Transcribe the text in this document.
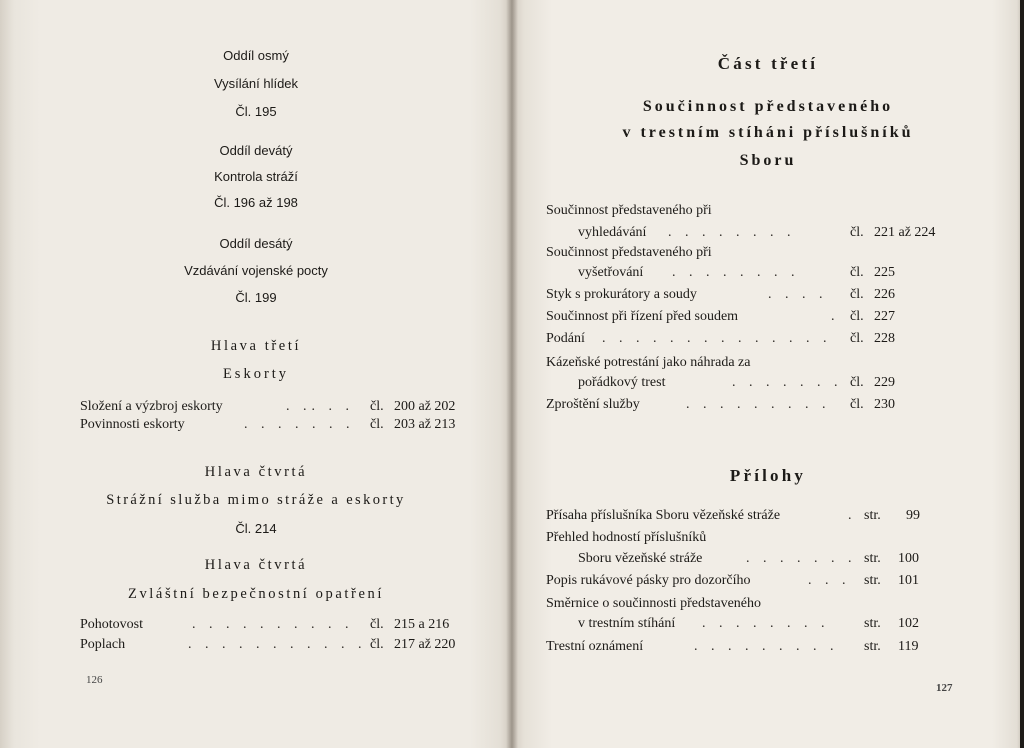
Oddíl osmý
Vysílání hlídek
Čl. 195
Oddíl devátý
Kontrola stráží
Čl. 196 až 198
Oddíl desátý
Vzdávání vojenské pocty
Čl. 199
Hlava třetí
Eskorty
Složení a výzbroj eskorty	. .. . . čl. 200 až 202
Povinnosti eskorty	. . . . . . . čl. 203 až 213
Hlava čtvrtá
Strážní služba mimo stráže a eskorty
Čl. 214
Hlava čtvrtá
Zvláštní bezpečnostní opatření
Pohotovost	. . . . . . . . . . čl. 215 a 216
Poplach	. . . . . . . . . . . čl. 217 až 220
126
Část třetí
Součinnost představeného
v trestním stíháni příslušníků
Sboru
Součinnost představeného při
vyhledávání . . . . . . . .	čl. 221 až 224
Součinnost představeného při
vyšetřování . . . . . . . .	čl. 225
Styk s prokurátory a soudy	. . . . čl. 226
Součinnost při řízení před soudem	. čl. 227
Podání . . . . . . . . . . . . . . čl. 228
Kázeňské potrestání jako náhrada za
pořádkový trest	. . . . . . . čl. 229
Zproštění služby	. . . . . . . . . čl. 230
Přílohy
Přísaha příslušníka Sboru vězeňské stráže	. str. 99
Přehled hodností příslušníků
Sboru vězeňské stráže	. . . . . . . str. 100
Popis rukávové pásky pro dozorčího	. . . str. 101
Směrnice o součinnosti představeného
v trestním stíhání . . . . . . . . str. 102
Trestní oznámení	. . . . . . . . . str. 119
127
